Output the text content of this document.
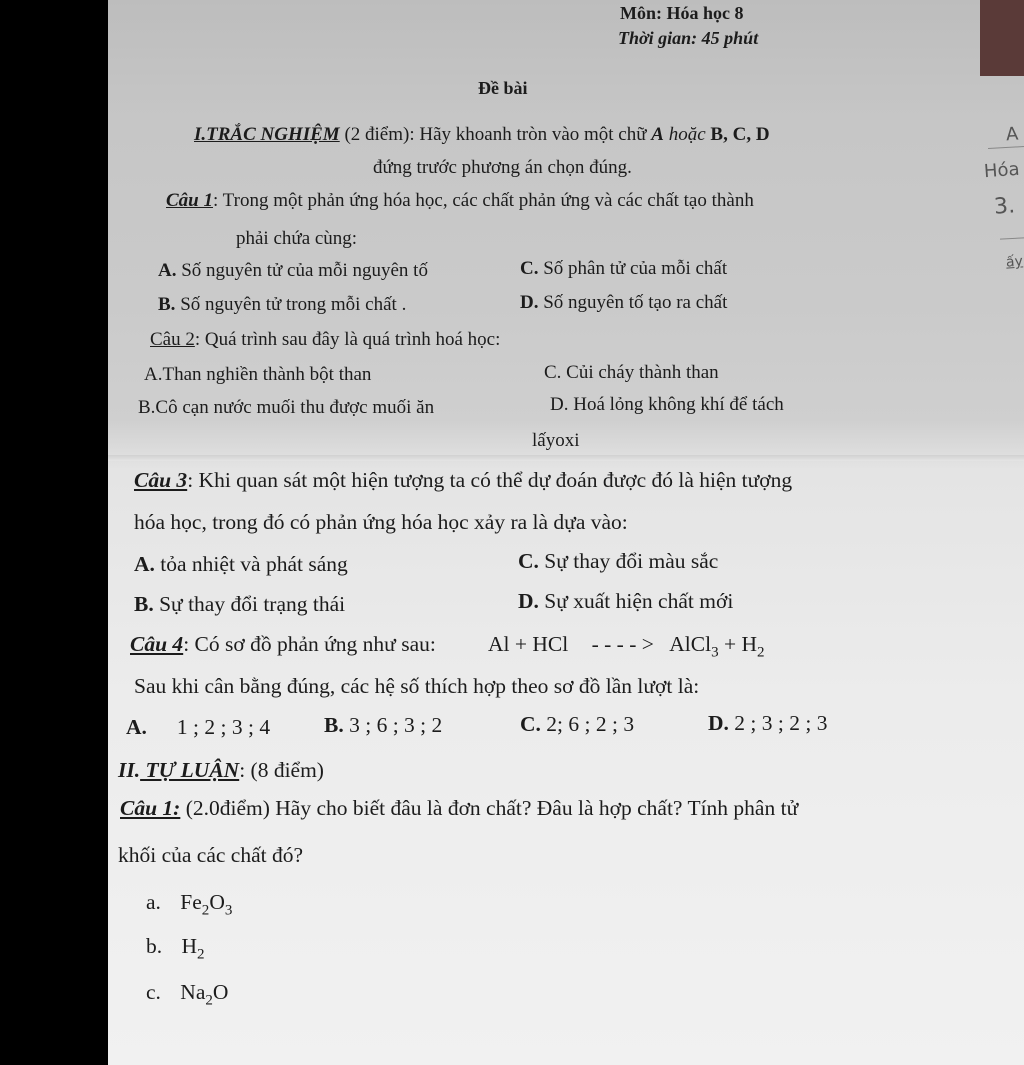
Môn: Hóa học 8
Thời gian: 45 phút
Đề bài
I.TRẮC NGHIỆM (2 điểm): Hãy khoanh tròn vào một chữ A hoặc B, C, D
đứng trước phương án chọn đúng.
Câu 1: Trong một phản ứng hóa học, các chất phản ứng và các chất tạo thành
phải chứa cùng:
A. Số nguyên tử của mỗi nguyên tố	C. Số phân tử của mỗi chất
B. Số nguyên tử trong mỗi chất .	D. Số nguyên tố tạo ra chất
Câu 2: Quá trình sau đây là quá trình hoá học:
A.Than nghiền thành bột than	C. Củi cháy thành than
B.Cô cạn nước muối thu được muối ăn	D. Hoá lỏng không khí để tách
lấyoxi
Câu 3: Khi quan sát một hiện tượng ta có thể dự đoán được đó là hiện tượng
hóa học, trong đó có phản ứng hóa học xảy ra là dựa vào:
A. tỏa nhiệt và phát sáng	C. Sự thay đổi màu sắc
B. Sự thay đổi trạng thái	D. Sự xuất hiện chất mới
Câu 4: Có sơ đồ phản ứng như sau: Al + HCl - - - - > AlCl$_3$ + $H_2$
Sau khi cân bằng đúng, các hệ số thích hợp theo sơ đồ lần lượt là:
A. 1 ; 2 ; 3 ; 4	B. 3 ; 6 ; 3 ; 2	C. 2; 6 ; 2 ; 3	D. 2 ; 3 ; 2 ; 3
II. TỰ LUẬN: (8 điểm)
Câu 1: (2.0điểm) Hãy cho biết đâu là đơn chất? Đâu là hợp chất? Tính phân tử
khối của các chất đó?
a. $Fe_2O_3$
b. $H_2$
c. $Na_2O$
A
Hóa
3.
ấy
